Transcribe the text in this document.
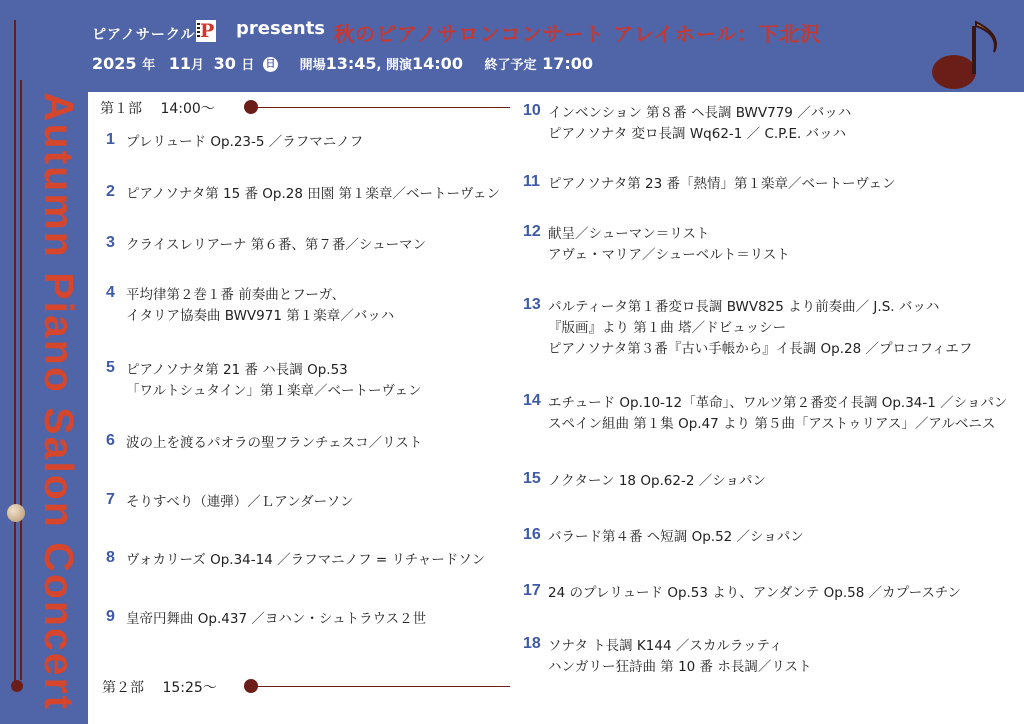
ピアノサークル P presents 秋のピアノサロンコンサート アレイホール：下北沢
2025 年 11月 30 日 日 開場13:45, 開演14:00 終了予定 17:00
Autumn Piano Salon Concert 第１部 14:00〜
第２部 15:25〜
1 プレリュード Op.23-5 ／ラフマニノフ
2 ピアノソナタ第 15 番 Op.28 田園 第１楽章／ベートーヴェン
3 クライスレリアーナ 第６番、第７番／シューマン
4 平均律第２巻１番 前奏曲とフーガ、
イタリア協奏曲 BWV971 第１楽章／バッハ
5 ピアノソナタ第 21 番 ハ長調 Op.53
「ワルトシュタイン」第１楽章／ベートーヴェン
6 波の上を渡るパオラの聖フランチェスコ／リスト
7 そりすべり（連弾）／Ｌアンダーソン
8 ヴォカリーズ Op.34-14 ／ラフマニノフ = リチャードソン
9 皇帝円舞曲 Op.437 ／ヨハン・シュトラウス２世
10 インベンション 第８番 ヘ長調 BWV779 ／バッハ
ピアノソナタ 変ロ長調 Wq62-1 ／ C.P.E. バッハ
11 ピアノソナタ第 23 番「熱情」第１楽章／ベートーヴェン
12 献呈／シューマン＝リスト
アヴェ・マリア／シューベルト＝リスト
13 パルティータ第１番変ロ長調 BWV825 より前奏曲／ J.S. バッハ
『版画』より 第１曲 塔／ドビュッシー
ピアノソナタ第３番『古い手帳から』イ長調 Op.28 ／プロコフィエフ
14 エチュード Op.10-12「革命」、ワルツ第２番変イ長調 Op.34-1 ／ショパン
スペイン組曲 第１集 Op.47 より 第５曲「アストゥリアス」／アルベニス
15 ノクターン 18 Op.62-2 ／ショパン
16 バラード第４番 ヘ短調 Op.52 ／ショパン
17 24 のプレリュード Op.53 より、アンダンテ Op.58 ／カプースチン
18 ソナタ ト長調 K144 ／スカルラッティ
ハンガリー狂詩曲 第 10 番 ホ長調／リスト
